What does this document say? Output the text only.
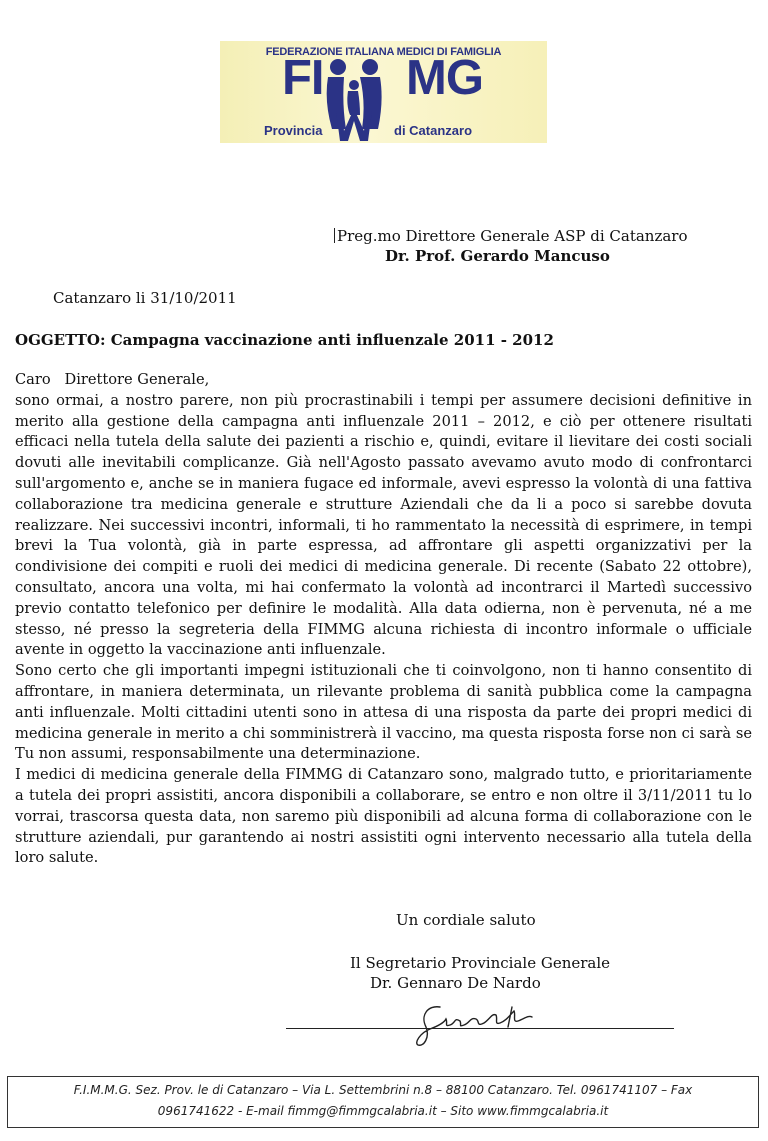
FEDERAZIONE ITALIANA MEDICI DI FAMIGLIA
FI MG
Provincia	di Catanzaro
Preg.mo Direttore Generale ASP di Catanzaro
Dr. Prof. Gerardo Mancuso
Catanzaro li 31/10/2011
OGGETTO: Campagna vaccinazione anti influenzale 2011 - 2012

Caro   Direttore Generale,

sono ormai, a nostro parere, non più procrastinabili i tempi per assumere decisioni definitive in merito alla gestione della campagna anti influenzale 2011 – 2012, e ciò per ottenere risultati efficaci nella tutela della salute dei pazienti a rischio e, quindi, evitare il lievitare dei costi sociali dovuti alle inevitabili complicanze. Già nell'Agosto passato avevamo avuto modo di confrontarci sull'argomento e, anche se in maniera fugace ed informale, avevi espresso la volontà di una fattiva collaborazione tra medicina generale e strutture Aziendali che da li a poco si sarebbe dovuta realizzare. Nei successivi incontri, informali, ti ho rammentato la necessità di esprimere, in tempi brevi la Tua volontà, già in parte espressa, ad affrontare gli aspetti organizzativi per la condivisione dei compiti e ruoli dei medici di medicina generale. Di recente (Sabato 22 ottobre), consultato, ancora una volta, mi hai confermato la volontà ad incontrarci il Martedì successivo previo contatto telefonico per definire le modalità. Alla data odierna, non è pervenuta, né a me stesso, né presso la segreteria della FIMMG alcuna richiesta di incontro informale o ufficiale avente in oggetto la vaccinazione anti influenzale.

Sono certo che gli importanti impegni istituzionali che ti coinvolgono, non ti hanno consentito di affrontare, in maniera determinata, un rilevante problema di sanità pubblica come la campagna anti influenzale. Molti cittadini utenti sono in attesa di una risposta da parte dei propri medici di medicina generale in merito a chi somministrerà il vaccino, ma questa risposta forse non ci sarà se Tu non assumi, responsabilmente una determinazione.

I medici di medicina generale della FIMMG di Catanzaro sono, malgrado tutto, e prioritariamente a tutela dei propri assistiti, ancora disponibili a collaborare, se entro e non oltre il 3/11/2011 tu lo vorrai, trascorsa questa data, non saremo più disponibili ad alcuna forma di collaborazione con le strutture aziendali, pur garantendo ai nostri assistiti ogni intervento necessario alla tutela della loro salute.

Un cordiale saluto
Il Segretario Provinciale Generale
Dr. Gennaro De Nardo
F.I.M.M.G. Sez. Prov. le di Catanzaro – Via L. Settembrini n.8 – 88100 Catanzaro. Tel. 0961741107 – Fax
0961741622 - E-mail fimmg@fimmgcalabria.it – Sito www.fimmgcalabria.it
